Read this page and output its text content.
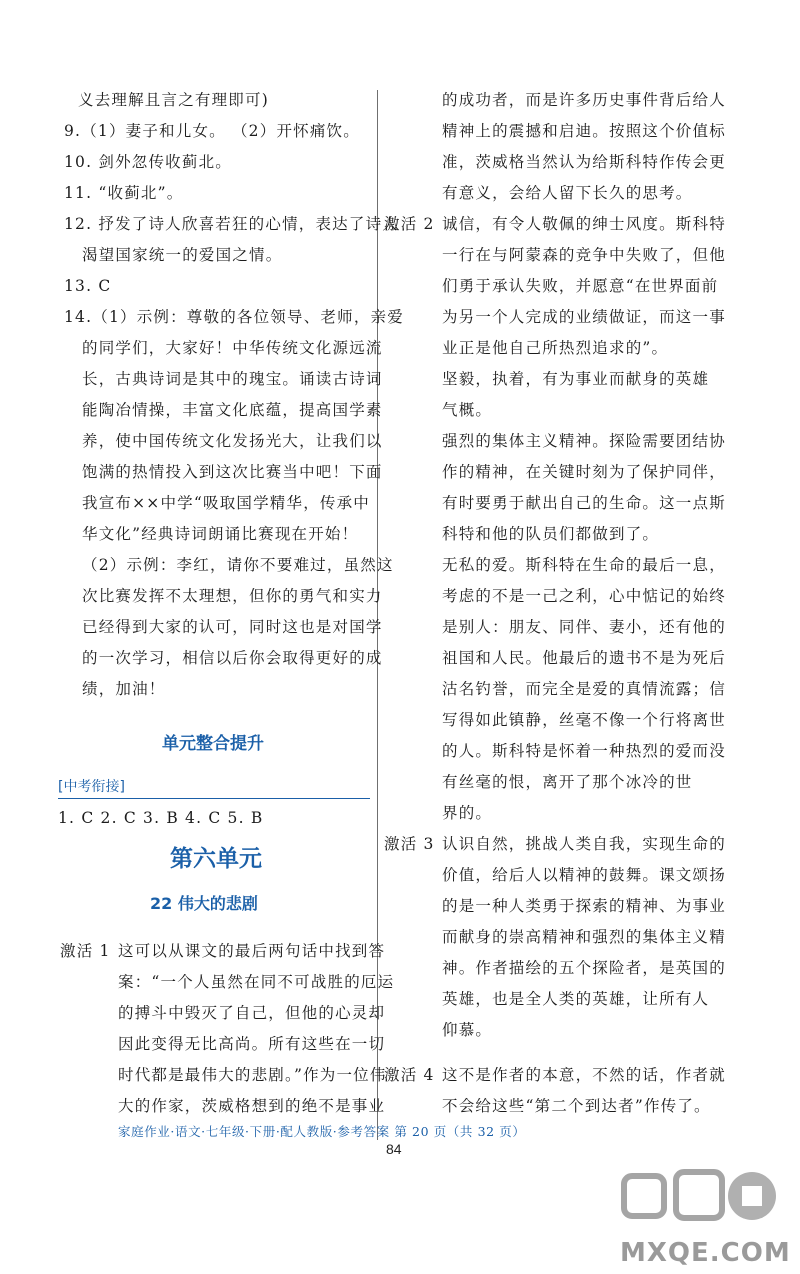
义去理解且言之有理即可)
9.（1）妻子和儿女。 （2）开怀痛饮。
10. 剑外忽传收蓟北。
11. “收蓟北”。
12. 抒发了诗人欣喜若狂的心情，表达了诗人
渴望国家统一的爱国之情。
13. C
14.（1）示例：尊敬的各位领导、老师，亲爱
的同学们，大家好！中华传统文化源远流
长，古典诗词是其中的瑰宝。诵读古诗词
能陶冶情操，丰富文化底蕴，提高国学素
养，使中国传统文化发扬光大，让我们以
饱满的热情投入到这次比赛当中吧！下面
我宣布××中学“吸取国学精华，传承中
华文化”经典诗词朗诵比赛现在开始！
（2）示例：李红，请你不要难过，虽然这
次比赛发挥不太理想，但你的勇气和实力
已经得到大家的认可，同时这也是对国学
的一次学习，相信以后你会取得更好的成
绩，加油！
单元整合提升
[中考衔接]
1. C 2. C 3. B 4. C 5. B
第六单元
22 伟大的悲剧
激活 1 这可以从课文的最后两句话中找到答
案：“一个人虽然在同不可战胜的厄运
的搏斗中毁灭了自己，但他的心灵却
因此变得无比高尚。所有这些在一切
时代都是最伟大的悲剧。”作为一位伟
大的作家，茨威格想到的绝不是事业
的成功者，而是许多历史事件背后给人
精神上的震撼和启迪。按照这个价值标
准，茨威格当然认为给斯科特作传会更
有意义，会给人留下长久的思考。
激活 2 诚信，有令人敬佩的绅士风度。斯科特
一行在与阿蒙森的竞争中失败了，但他
们勇于承认失败，并愿意“在世界面前
为另一个人完成的业绩做证，而这一事
业正是他自己所热烈追求的”。
坚毅，执着，有为事业而献身的英雄
气概。
强烈的集体主义精神。探险需要团结协
作的精神，在关键时刻为了保护同伴，
有时要勇于献出自己的生命。这一点斯
科特和他的队员们都做到了。
无私的爱。斯科特在生命的最后一息，
考虑的不是一己之利，心中惦记的始终
是别人：朋友、同伴、妻小，还有他的
祖国和人民。他最后的遗书不是为死后
沽名钓誉，而完全是爱的真情流露；信
写得如此镇静，丝毫不像一个行将离世
的人。斯科特是怀着一种热烈的爱而没
有丝毫的恨，离开了那个冰冷的世
界的。
激活 3 认识自然，挑战人类自我，实现生命的
价值，给后人以精神的鼓舞。课文颂扬
的是一种人类勇于探索的精神、为事业
而献身的崇高精神和强烈的集体主义精
神。作者描绘的五个探险者，是英国的
英雄，也是全人类的英雄，让所有人
仰慕。
激活 4 这不是作者的本意，不然的话，作者就
不会给这些“第二个到达者”作传了。
家庭作业·语文·七年级·下册·配人教版·参考答案 第 20 页（共 32 页）
84
MXQE.COM
